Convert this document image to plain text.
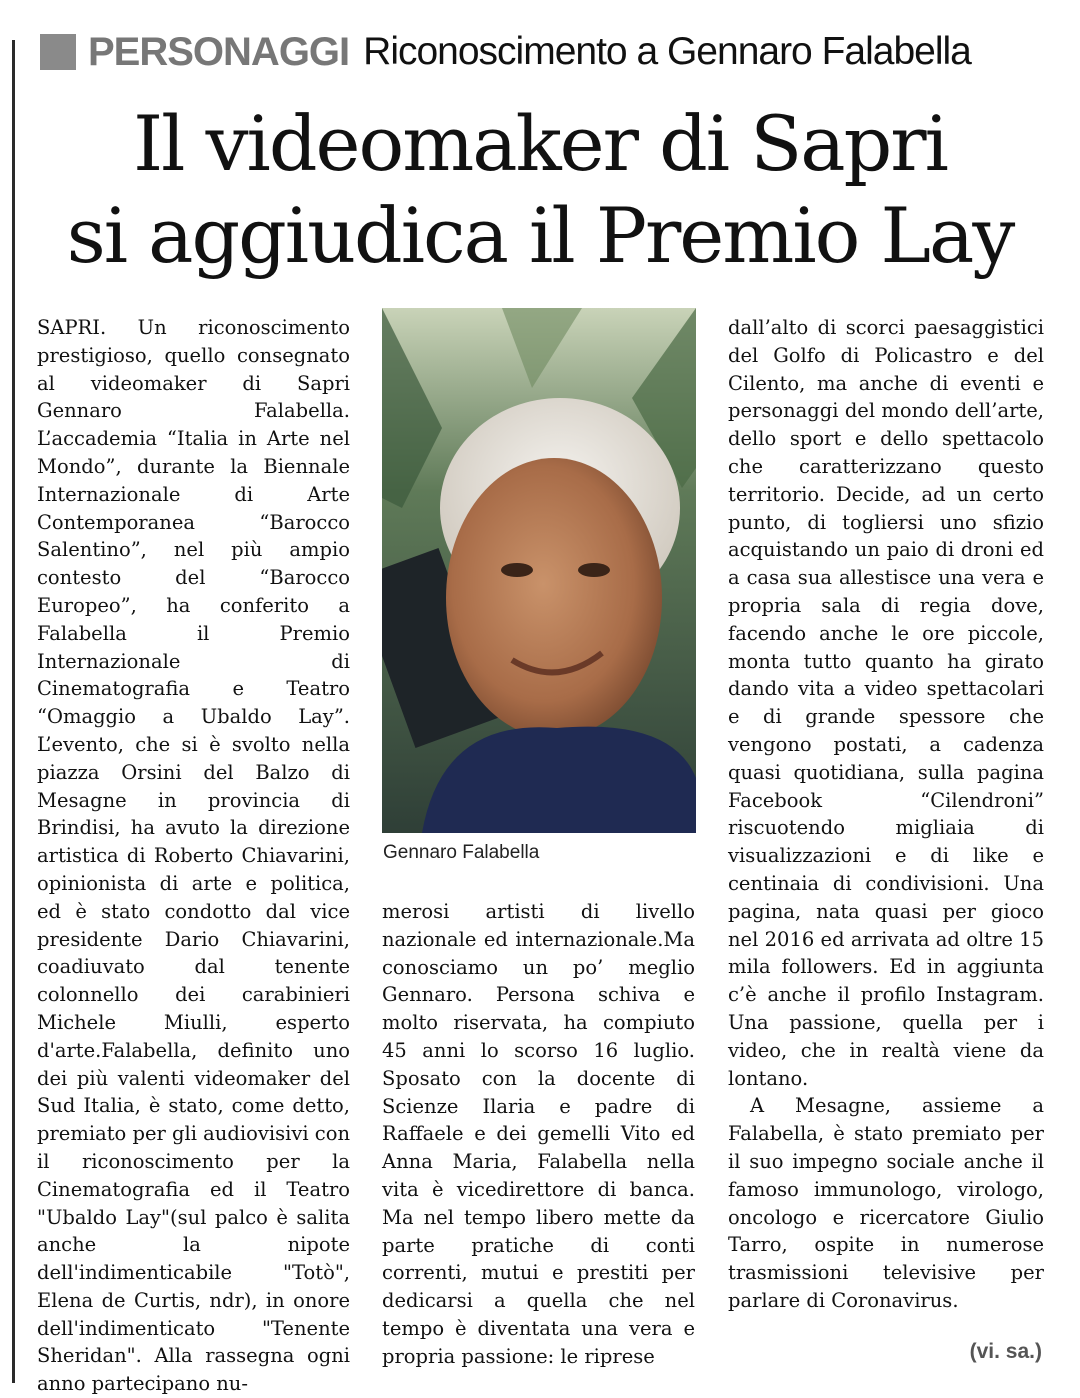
PERSONAGGI Riconoscimento a Gennaro Falabella
Il videomaker di Sapri
si aggiudica il Premio Lay

SAPRI. Un riconoscimento prestigioso, quello consegnato al videomaker di Sapri Gennaro Falabella. L’accademia “Italia in Arte nel Mondo”, durante la Biennale Internazionale di Arte Contemporanea “Barocco Salentino”, nel più ampio contesto del “Barocco Europeo”, ha conferito a Falabella il Premio Internazionale di Cinematografia e Teatro “Omaggio a Ubaldo Lay”. L’evento, che si è svolto nella piazza Orsini del Balzo di Mesagne in provincia di Brindisi, ha avuto la direzione artistica di Roberto Chiavarini, opinionista di arte e politica, ed è stato condotto dal vice presidente Dario Chiavarini, coadiuvato dal tenente colonnello dei carabinieri Michele Miulli, esperto d'arte.Falabella, definito uno dei più valenti videomaker del Sud Italia, è stato, come detto, premiato per gli audiovisivi con il riconoscimento per la Cinematografia ed il Teatro "Ubaldo Lay"(sul palco è salita anche la nipote dell'indimenticabile "Totò", Elena de Curtis, ndr), in onore dell'indimenticato "Tenente Sheridan". Alla rassegna ogni anno partecipano nu-

Gennaro Falabella

merosi artisti di livello nazionale ed internazionale.Ma conosciamo un po’ meglio Gennaro. Persona schiva e molto riservata, ha compiuto 45 anni lo scorso 16 luglio. Sposato con la docente di Scienze Ilaria e padre di Raffaele e dei gemelli Vito ed Anna Maria, Falabella nella vita è vicedirettore di banca. Ma nel tempo libero mette da parte pratiche di conti correnti, mutui e prestiti per dedicarsi a quella che nel tempo è diventata una vera e propria passione: le riprese

dall’alto di scorci paesaggistici del Golfo di Policastro e del Cilento, ma anche di eventi e personaggi del mondo dell’arte, dello sport e dello spettacolo che caratterizzano questo territorio. Decide, ad un certo punto, di togliersi uno sfizio acquistando un paio di droni ed a casa sua allestisce una vera e propria sala di regia dove, facendo anche le ore piccole, monta tutto quanto ha girato dando vita a video spettacolari e di grande spessore che vengono postati, a cadenza quasi quotidiana, sulla pagina Facebook “Cilendroni” riscuotendo migliaia di visualizzazioni e di like e centinaia di condivisioni. Una pagina, nata quasi per gioco nel 2016 ed arrivata ad oltre 15 mila followers. Ed in aggiunta c’è anche il profilo Instagram. Una passione, quella per i video, che in realtà viene da lontano.

A Mesagne, assieme a Falabella, è stato premiato per il suo impegno sociale anche il famoso immunologo, virologo, oncologo e ricercatore Giulio Tarro, ospite in numerose trasmissioni televisive per parlare di Coronavirus.

(vi. sa.)
